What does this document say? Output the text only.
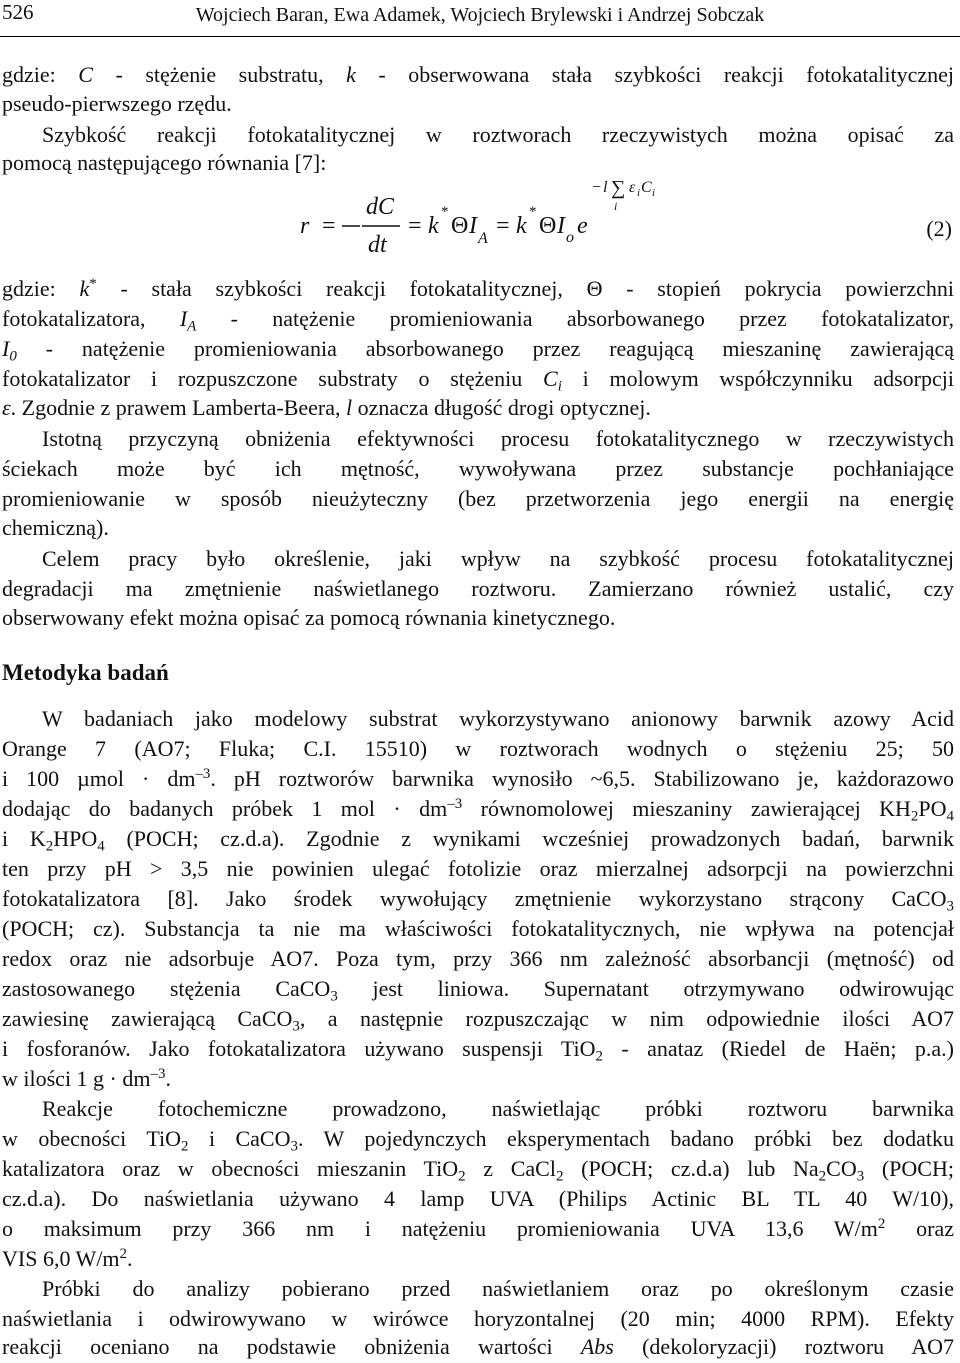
526	Wojciech Baran, Ewa Adamek, Wojciech Brylewski i Andrzej Sobczak
gdzie: C - stężenie substratu, k - obserwowana stała szybkości reakcji fotokatalitycznej
pseudo-pierwszego rzędu.
Szybkość reakcji fotokatalitycznej w roztworach rzeczywistych można opisać za
pomocą następującego równania [7]:
r =
dC
dt
= k
*
Θ I A = k
*
Θ I o e
− l ∑ ε i C i
i
(2)
gdzie: k* - stała szybkości reakcji fotokatalitycznej, Θ - stopień pokrycia powierzchni
fotokatalizatora, $I_A$ - natężenie promieniowania absorbowanego przez fotokatalizator,
$I_0$ - natężenie promieniowania absorbowanego przez reagującą mieszaninę zawierającą
fotokatalizator i rozpuszczone substraty o stężeniu $C_i$ i molowym współczynniku adsorpcji
ε. Zgodnie z prawem Lamberta-Beera, l oznacza długość drogi optycznej.
Istotną przyczyną obniżenia efektywności procesu fotokatalitycznego w rzeczywistych
ściekach może być ich mętność, wywoływana przez substancje pochłaniające
promieniowanie w sposób nieużyteczny (bez przetworzenia jego energii na energię
chemiczną).
Celem pracy było określenie, jaki wpływ na szybkość procesu fotokatalitycznej
degradacji ma zmętnienie naświetlanego roztworu. Zamierzano również ustalić, czy
obserwowany efekt można opisać za pomocą równania kinetycznego.
Metodyka badań
W badaniach jako modelowy substrat wykorzystywano anionowy barwnik azowy Acid
Orange 7 (AO7; Fluka; C.I. 15510) w roztworach wodnych o stężeniu 25; 50
i 100 $\mu mol \cdot dm^{-3}$. pH roztworów barwnika wynosiło ~6,5. Stabilizowano je, każdorazowo
dodając do badanych próbek 1 mol · $dm^{-3}$ równomolowej mieszaniny zawierającej $KH_2PO_4$
i $K_2HPO_4$ (POCH; cz.d.a). Zgodnie z wynikami wcześniej prowadzonych badań, barwnik
ten przy pH > 3,5 nie powinien ulegać fotolizie oraz mierzalnej adsorpcji na powierzchni
fotokatalizatora [8]. Jako środek wywołujący zmętnienie wykorzystano strącony CaCO$_3$
(POCH; cz). Substancja ta nie ma właściwości fotokatalitycznych, nie wpływa na potencjał
redox oraz nie adsorbuje AO7. Poza tym, przy 366 nm zależność absorbancji (mętność) od
zastosowanego stężenia CaCO$_3$ jest liniowa. Supernatant otrzymywano odwirowując
zawiesinę zawierającą CaCO$_3$, a następnie rozpuszczając w nim odpowiednie ilości AO7
i fosforanów. Jako fotokatalizatora używano suspensji TiO$_2$ - anataz (Riedel de Haën; p.a.)
w ilości 1 $g \cdot dm^{-3}$.
Reakcje fotochemiczne prowadzono, naświetlając próbki roztworu barwnika
w obecności TiO$_2$ i CaCO$_3$. W pojedynczych eksperymentach badano próbki bez dodatku
katalizatora oraz w obecności mieszanin TiO$_2$ z CaCl$_2$ (POCH; cz.d.a) lub $Na_2CO_3$ (POCH;
cz.d.a). Do naświetlania używano 4 lamp UVA (Philips Actinic BL TL 40 W/10),
o maksimum przy 366 nm i natężeniu promieniowania UVA 13,6 $W/m^2$ oraz
VIS 6,0 $W/m^2$.
Próbki do analizy pobierano przed naświetlaniem oraz po określonym czasie
naświetlania i odwirowywano w wirówce horyzontalnej (20 min; 4000 RPM). Efekty
reakcji oceniano na podstawie obniżenia wartości Abs (dekoloryzacji) roztworu AO7
